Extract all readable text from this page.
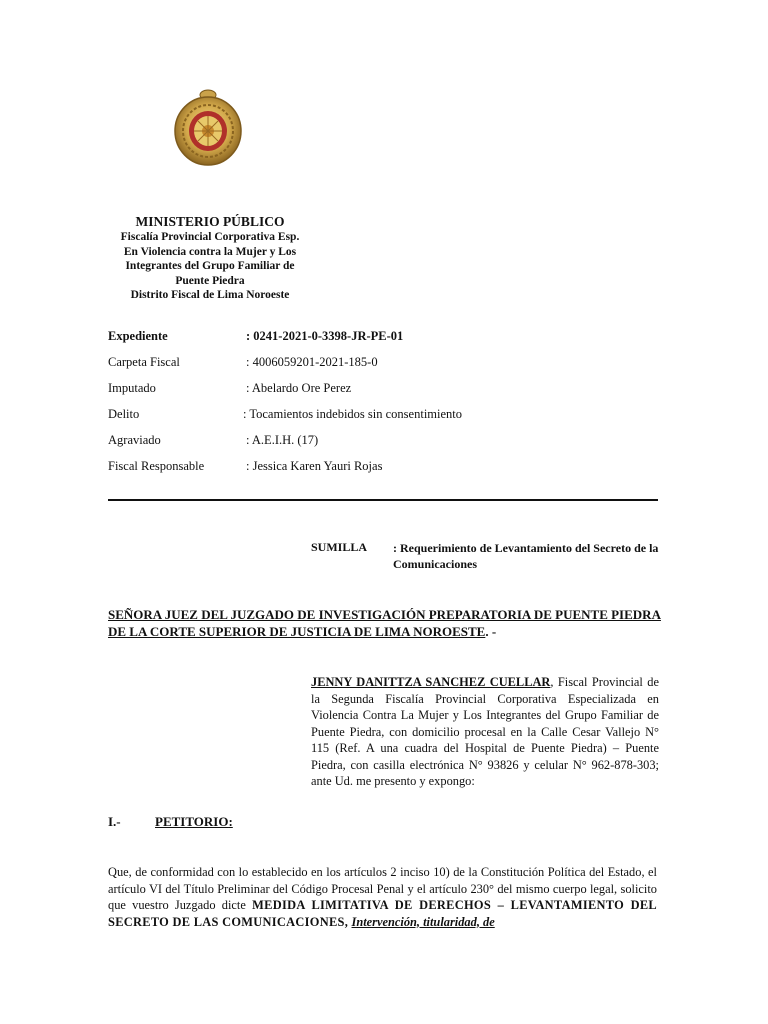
MINISTERIO PÚBLICO
Fiscalía Provincial Corporativa Esp.
En Violencia contra la Mujer y Los
Integrantes del Grupo Familiar de
Puente Piedra
Distrito Fiscal de Lima Noroeste
Expediente	: 0241-2021-0-3398-JR-PE-01
Carpeta Fiscal	: 4006059201-2021-185-0
Imputado	: Abelardo Ore Perez
Delito	: Tocamientos indebidos sin consentimiento
Agraviado	: A.E.I.H. (17)
Fiscal Responsable	: Jessica Karen Yauri Rojas
SUMILLA : Requerimiento de Levantamiento del Secreto de la Comunicaciones
SEÑORA JUEZ DEL JUZGADO DE INVESTIGACIÓN PREPARATORIA DE PUENTE PIEDRA DE LA CORTE SUPERIOR DE JUSTICIA DE LIMA NOROESTE. -
JENNY DANITTZA SANCHEZ CUELLAR, Fiscal Provincial de la Segunda Fiscalía Provincial Corporativa Especializada en Violencia Contra La Mujer y Los Integrantes del Grupo Familiar de Puente Piedra, con domicilio procesal en la Calle Cesar Vallejo N° 115 (Ref. A una cuadra del Hospital de Puente Piedra) – Puente Piedra, con casilla electrónica N° 93826 y celular N° 962-878-303; ante Ud. me presento y expongo:
I.-	PETITORIO:
Que, de conformidad con lo establecido en los artículos 2 inciso 10) de la Constitución Política del Estado, el artículo VI del Título Preliminar del Código Procesal Penal y el artículo 230° del mismo cuerpo legal, solicito que vuestro Juzgado dicte MEDIDA LIMITATIVA DE DERECHOS – LEVANTAMIENTO DEL SECRETO DE LAS COMUNICACIONES, Intervención, titularidad, de
